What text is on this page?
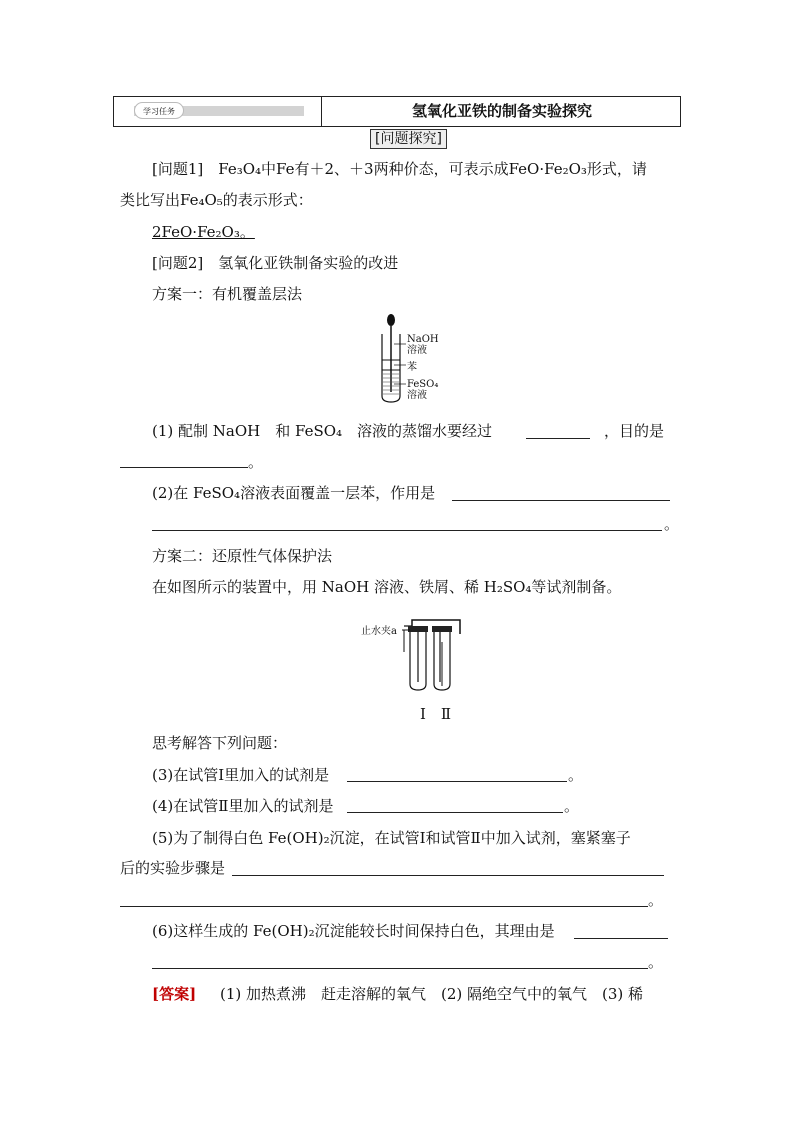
学习任务	氢氧化亚铁的制备实验探究
[问题探究]
[问题1]　Fe₃O₄中Fe有＋2、＋3两种价态，可表示成FeO·Fe₂O₃形式，请
类比写出Fe₄O₅的表示形式：
2FeO·Fe₂O₃。
[问题2]　氢氧化亚铁制备实验的改进
方案一：有机覆盖层法
NaOH
溶液
苯
FeSO₄
溶液
(1) 配制 NaOH　和 FeSO₄　溶液的蒸馏水要经过	，目的是
。
(2)在 FeSO₄溶液表面覆盖一层苯，作用是
。
方案二：还原性气体保护法
在如图所示的装置中，用 NaOH 溶液、铁屑、稀 H₂SO₄等试剂制备。
止水夹a
Ⅰ　Ⅱ
思考解答下列问题：
(3)在试管Ⅰ里加入的试剂是	。
(4)在试管Ⅱ里加入的试剂是	。
(5)为了制得白色 Fe(OH)₂沉淀，在试管Ⅰ和试管Ⅱ中加入试剂，塞紧塞子
后的实验步骤是
。
(6)这样生成的 Fe(OH)₂沉淀能较长时间保持白色，其理由是
。
[答案] (1) 加热煮沸　赶走溶解的氧气　(2) 隔绝空气中的氧气　(3) 稀
